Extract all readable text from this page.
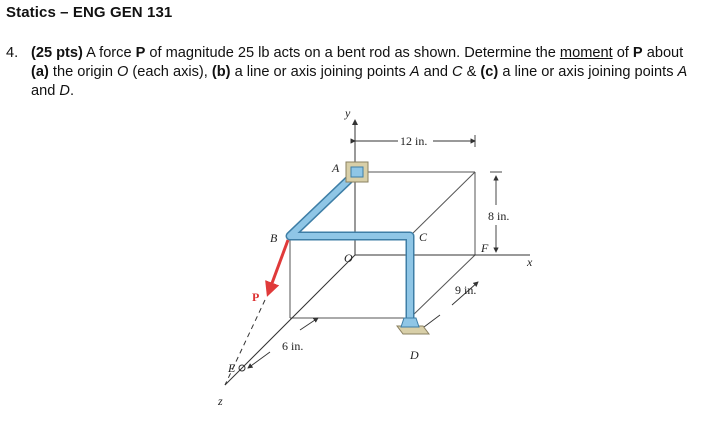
Statics – ENG GEN 131
4. (25 pts) A force P of magnitude 25 lb acts on a bent rod as shown. Determine the moment of P about (a) the origin O (each axis), (b) a line or axis joining points A and C & (c) a line or axis joining points A and D.
y
x
z
12 in.
8 in.
9 in.
6 in.
A
B	C
D
E
F
O
P
